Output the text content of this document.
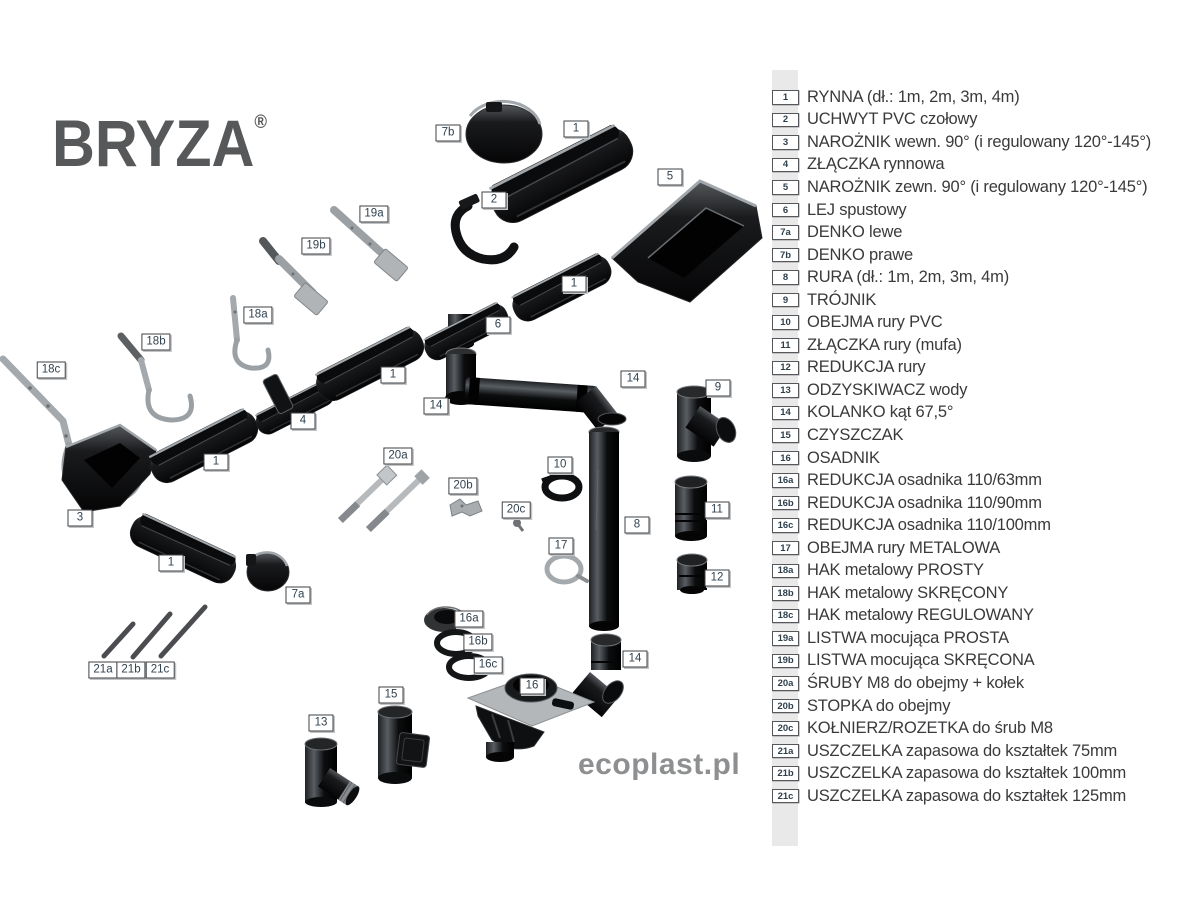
7b	1
5
2
19a
19b
1
18a
6
18b
18c	1	14
9
14
4
20a
1	10
20b
20c	11
3
8
17
1
12
7a
16a
16b
14
16c
21a 21b 21c
16
15
13
BRYZA®
ecoplast.pl
1	RYNNA (dł.: 1m, 2m, 3m, 4m)
2	UCHWYT PVC czołowy
3	NAROŻNIK wewn. 90° (i regulowany 120°-145°)
4	ZŁĄCZKA rynnowa
5	NAROŻNIK zewn. 90° (i regulowany 120°-145°)
6	LEJ spustowy
7a DENKO lewe
7b DENKO prawe
8	RURA (dł.: 1m, 2m, 3m, 4m)
9	TRÓJNIK
10 OBEJMA rury PVC
11 ZŁĄCZKA rury (mufa)
12 REDUKCJA rury
13 ODZYSKIWACZ wody
14 KOLANKO kąt 67,5°
15 CZYSZCZAK
16 OSADNIK
16a REDUKCJA osadnika 110/63mm
16b REDUKCJA osadnika 110/90mm
16c REDUKCJA osadnika 110/100mm
17 OBEJMA rury METALOWA
18a HAK metalowy PROSTY
18b HAK metalowy SKRĘCONY
18c HAK metalowy REGULOWANY
19a LISTWA mocująca PROSTA
19b LISTWA mocująca SKRĘCONA
20a ŚRUBY M8 do obejmy + kołek
20b STOPKA do obejmy
20c KOŁNIERZ/ROZETKA do śrub M8
21a USZCZELKA zapasowa do kształtek 75mm
21b USZCZELKA zapasowa do kształtek 100mm
21c USZCZELKA zapasowa do kształtek 125mm
